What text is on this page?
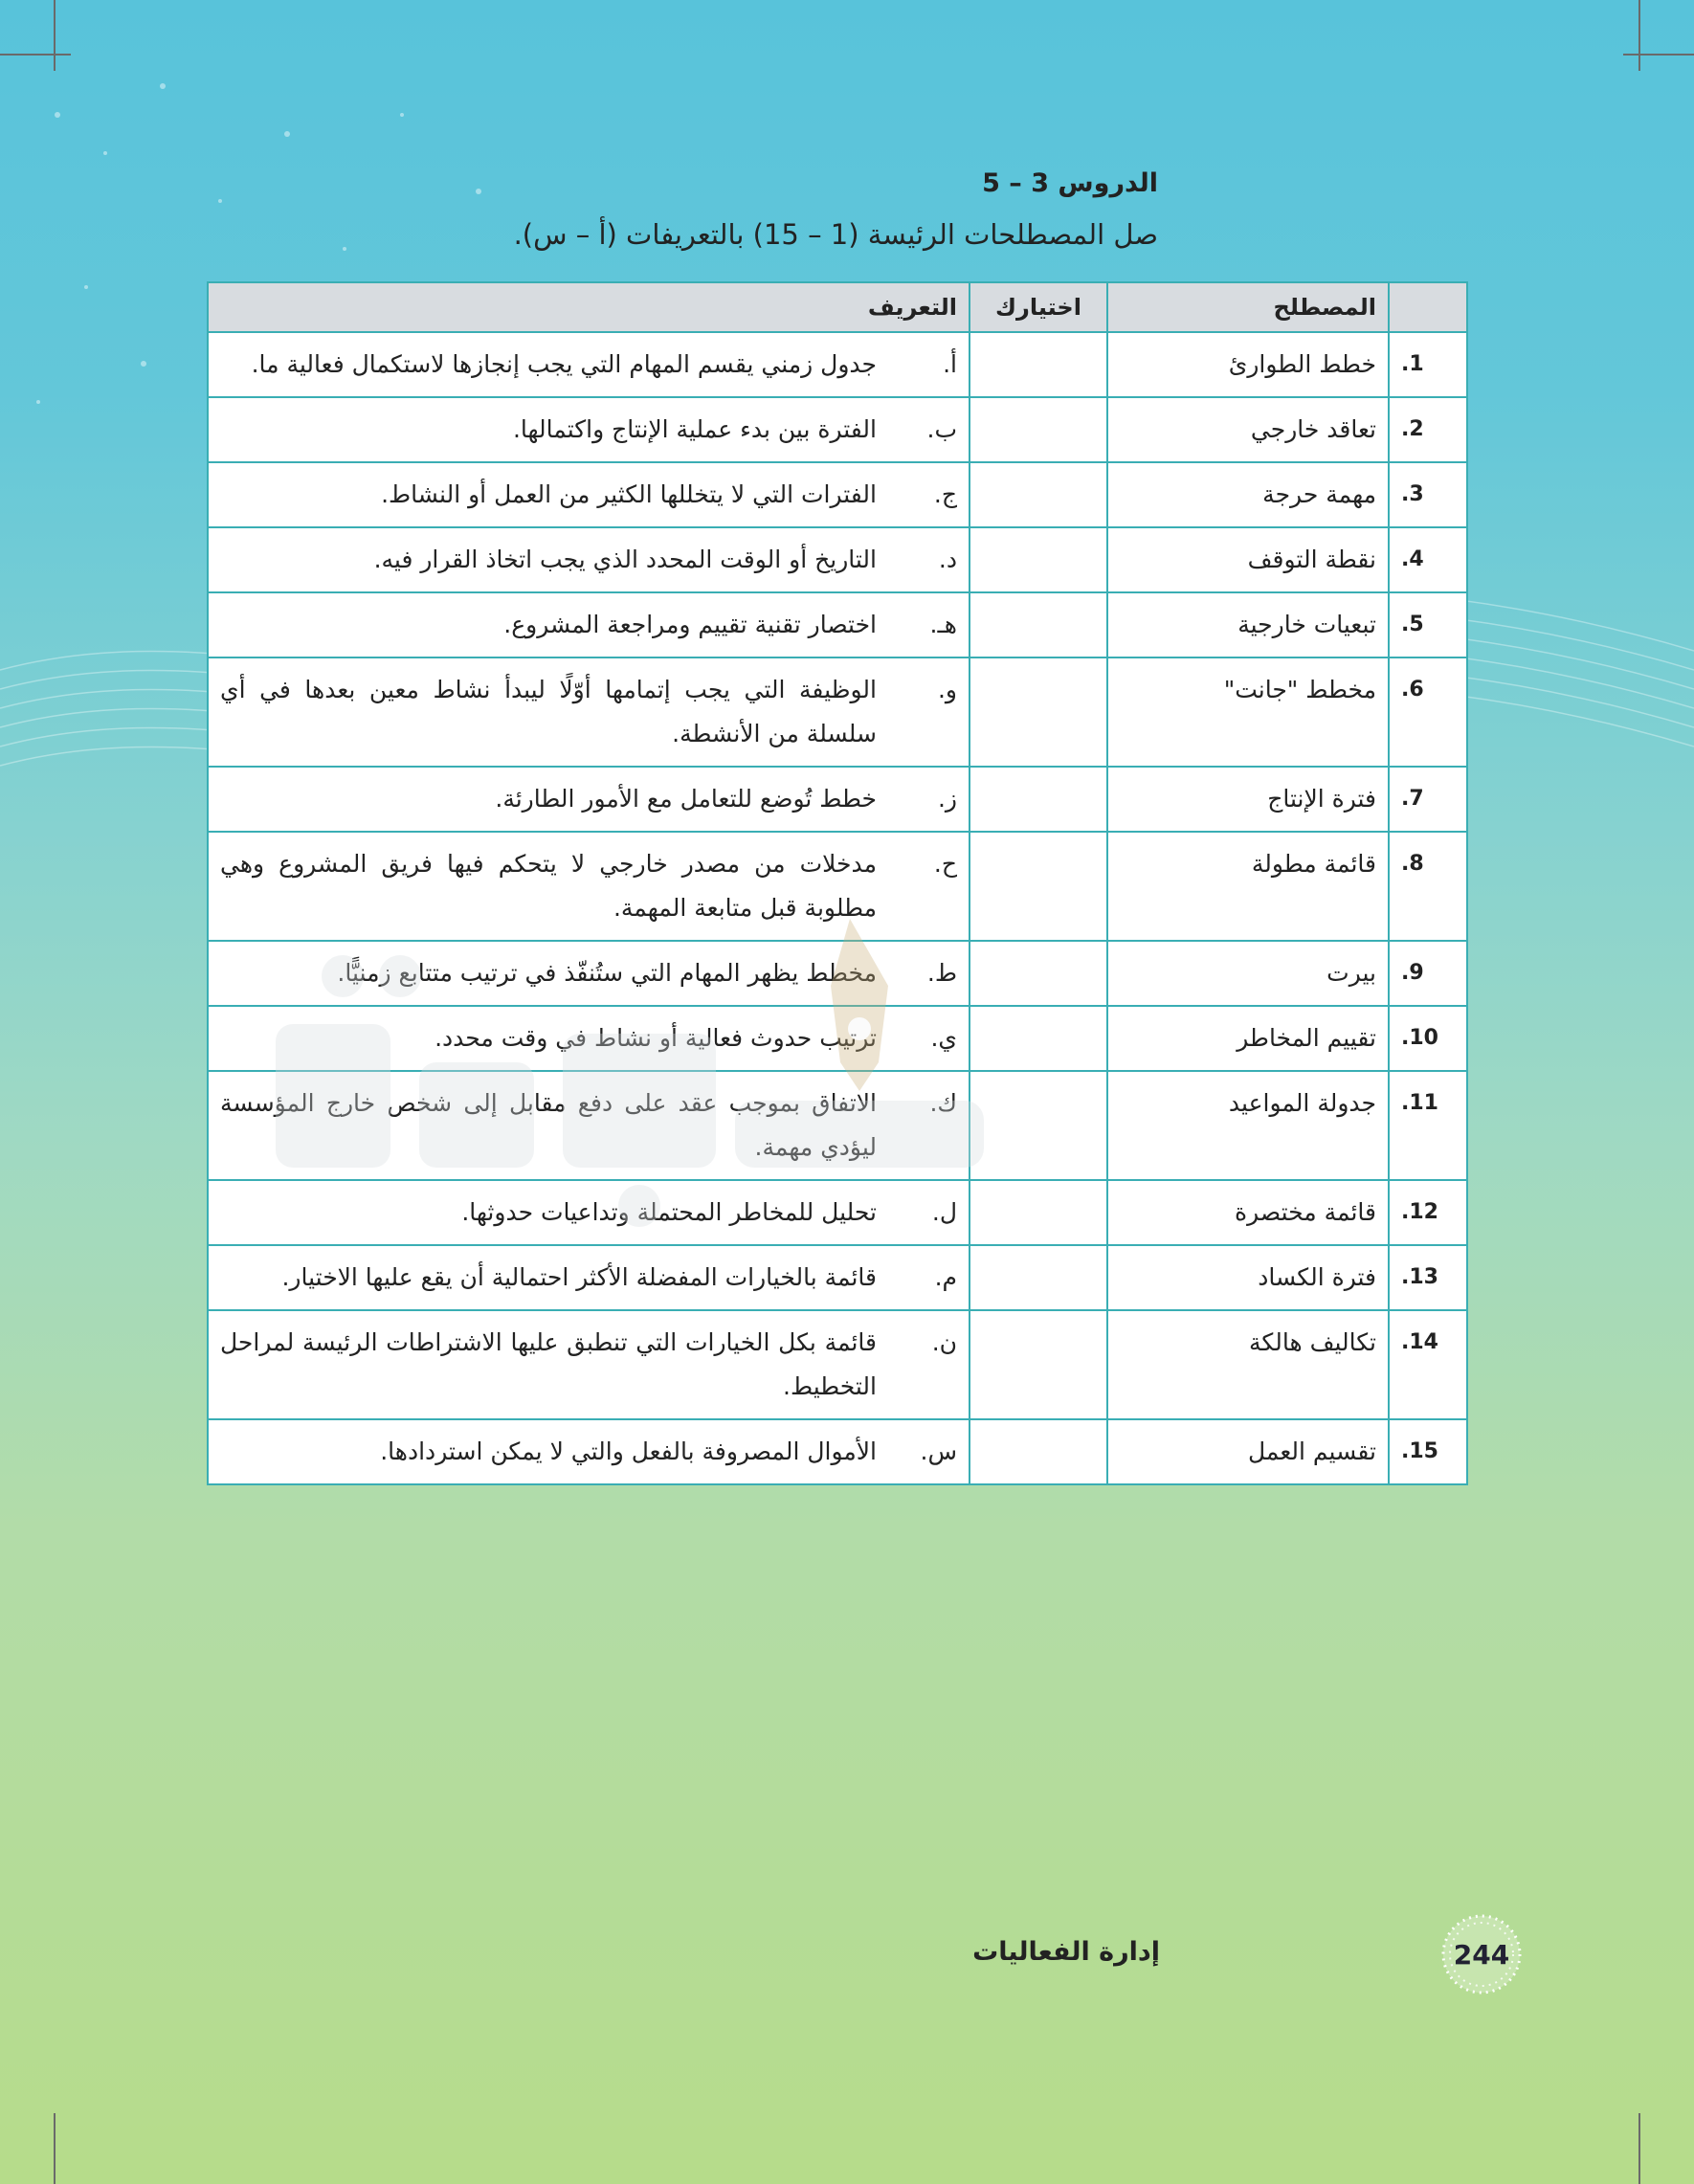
الدروس 3 – 5
صل المصطلحات الرئيسة (1 – 15) بالتعريفات (أ – س).
	المصطلح	اختيارك	التعريف	
1.	خطط الطوارئ		أ.	جدول زمني يقسم المهام التي يجب إنجازها لاستكمال فعالية ما.
2.	تعاقد خارجي		ب.	الفترة بين بدء عملية الإنتاج واكتمالها.
3.	مهمة حرجة		ج.	الفترات التي لا يتخللها الكثير من العمل أو النشاط.
4.	نقطة التوقف		د.	التاريخ أو الوقت المحدد الذي يجب اتخاذ القرار فيه.
5.	تبعيات خارجية		هـ.	اختصار تقنية تقييم ومراجعة المشروع.
6.	مخطط "جانت"		و.	الوظيفة التي يجب إتمامها أوّلًا ليبدأ نشاط معين بعدها في أي سلسلة من الأنشطة.
7.	فترة الإنتاج		ز.	خطط تُوضع للتعامل مع الأمور الطارئة.
8.	قائمة مطولة		ح.	مدخلات من مصدر خارجي لا يتحكم فيها فريق المشروع وهي مطلوبة قبل متابعة المهمة.
9.	بيرت		ط.	مخطط يظهر المهام التي ستُنفّذ في ترتيب متتابع زمنيًّا.
10.	تقييم المخاطر		ي.	ترتيب حدوث فعالية أو نشاط في وقت محدد.
11.	جدولة المواعيد		ك.	الاتفاق بموجب عقد على دفع مقابل إلى شخص خارج المؤسسة ليؤدي مهمة.
12.	قائمة مختصرة		ل.	تحليل للمخاطر المحتملة وتداعيات حدوثها.
13.	فترة الكساد		م.	قائمة بالخيارات المفضلة الأكثر احتمالية أن يقع عليها الاختيار.
14.	تكاليف هالكة		ن.	قائمة بكل الخيارات التي تنطبق عليها الاشتراطات الرئيسة لمراحل التخطيط.
15.	تقسيم العمل		س.	الأموال المصروفة بالفعل والتي لا يمكن استردادها.
إدارة الفعاليات	244
